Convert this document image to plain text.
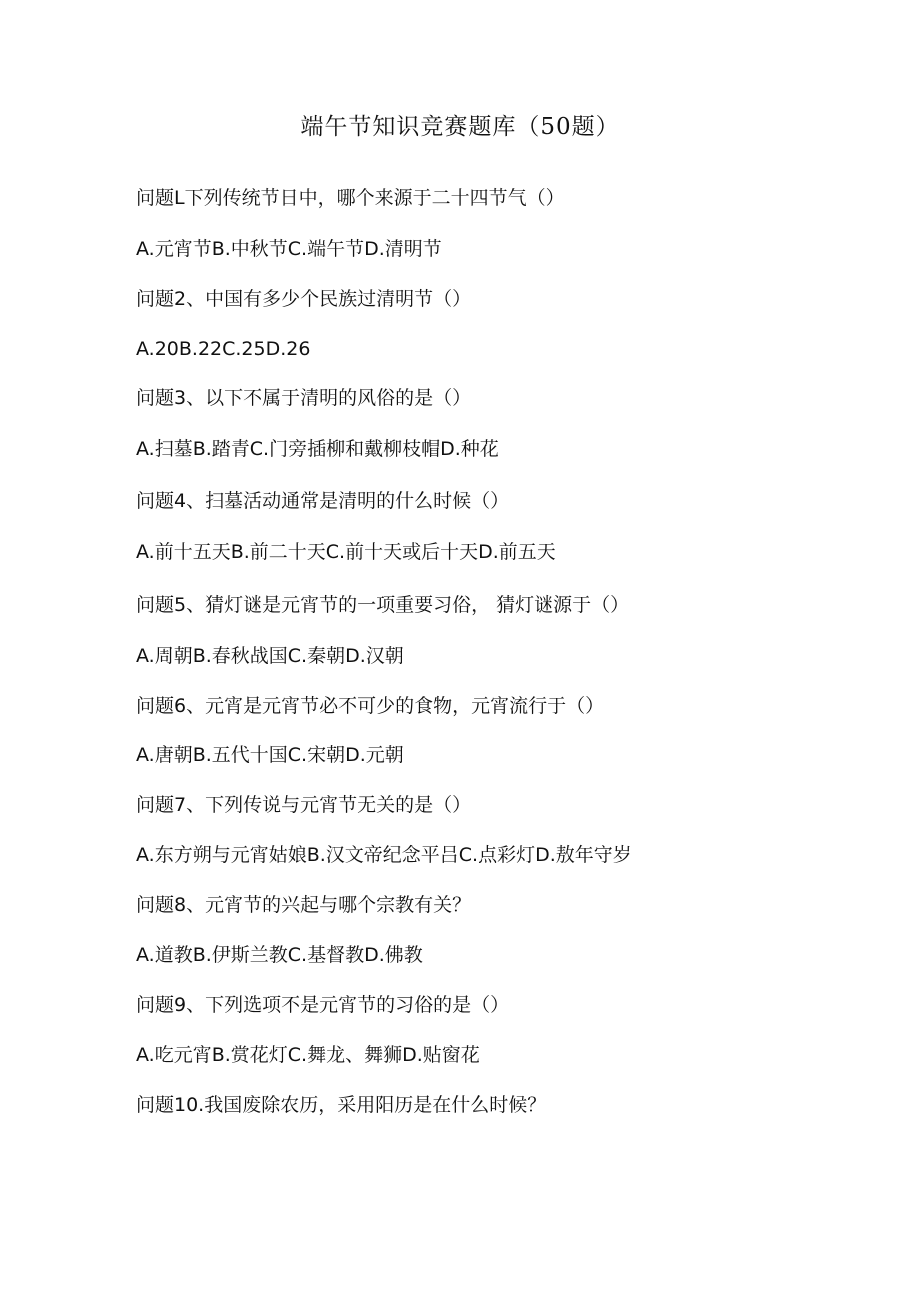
端午节知识竞赛题库（50题）

问题L下列传统节日中，哪个来源于二十四节气（）

A.元宵节B.中秋节C.端午节D.清明节

问题2、中国有多少个民族过清明节（）

A.20B.22C.25D.26

问题3、以下不属于清明的风俗的是（）

A.扫墓B.踏青C.门旁插柳和戴柳枝帽D.种花

问题4、扫墓活动通常是清明的什么时候（）

A.前十五天B.前二十天C.前十天或后十天D.前五天

问题5、猜灯谜是元宵节的一项重要习俗， 猜灯谜源于（）

A.周朝B.春秋战国C.秦朝D.汉朝

问题6、元宵是元宵节必不可少的食物，元宵流行于（）

A.唐朝B.五代十国C.宋朝D.元朝

问题7、下列传说与元宵节无关的是（）

A.东方朔与元宵姑娘B.汉文帝纪念平吕C.点彩灯D.敖年守岁

问题8、元宵节的兴起与哪个宗教有关？

A.道教B.伊斯兰教C.基督教D.佛教

问题9、下列选项不是元宵节的习俗的是（）

A.吃元宵B.赏花灯C.舞龙、舞狮D.贴窗花

问题10.我国废除农历，采用阳历是在什么时候？
